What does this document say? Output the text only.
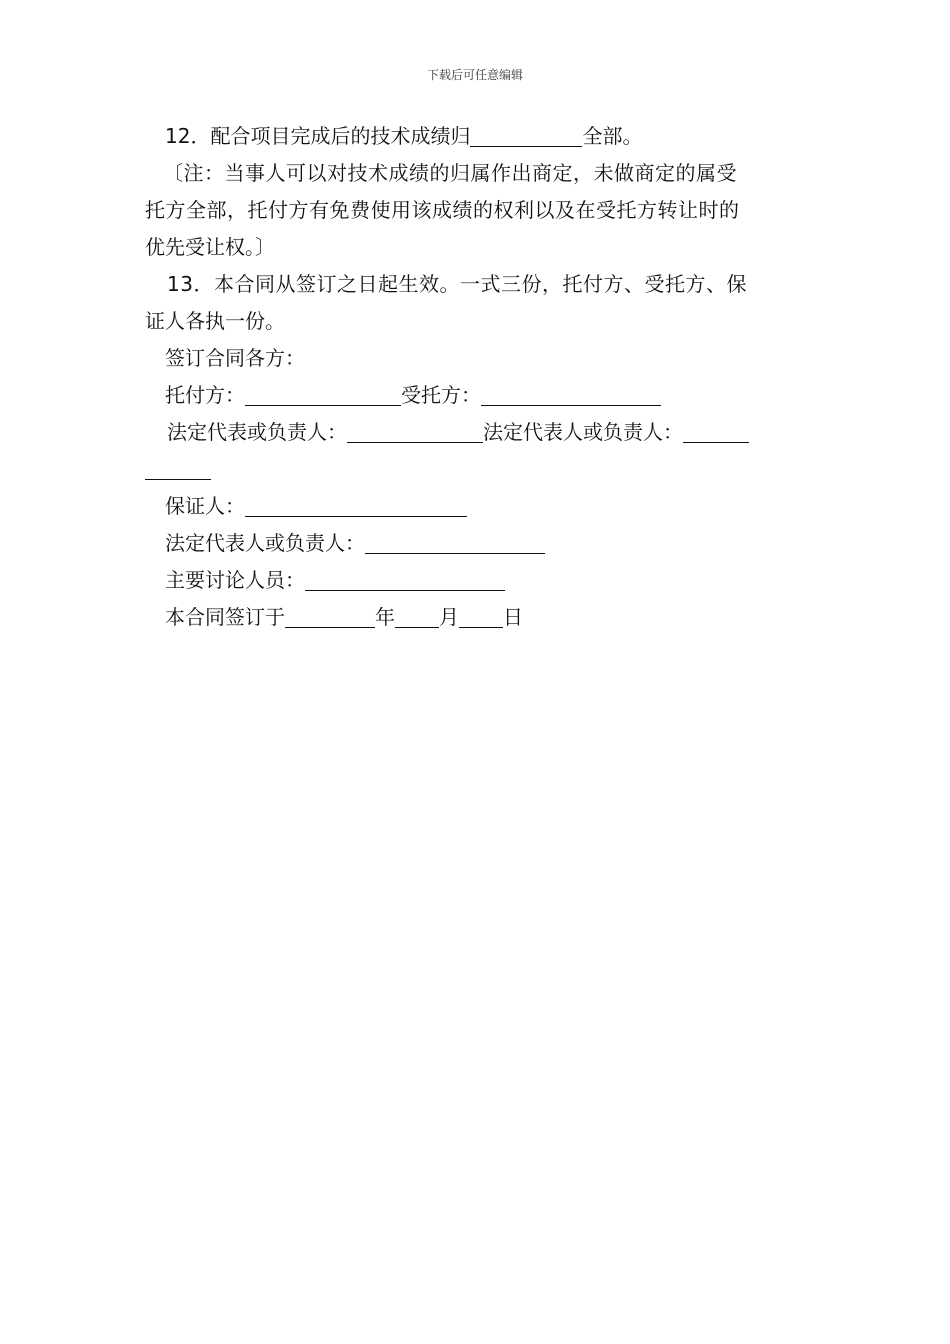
下载后可任意编辑
12．配合项目完成后的技术成绩归	全部。
〔注：当事人可以对技术成绩的归属作出商定，未做商定的属受
托方全部，托付方有免费使用该成绩的权利以及在受托方转让时的
优先受让权。〕
13．本合同从签订之日起生效。一式三份，托付方、受托方、保
证人各执一份。
签订合同各方：
托付方：	受托方：
法定代表或负责人：	法定代表人或负责人：
保证人：
法定代表人或负责人：
主要讨论人员：
本合同签订于	年 月 日
